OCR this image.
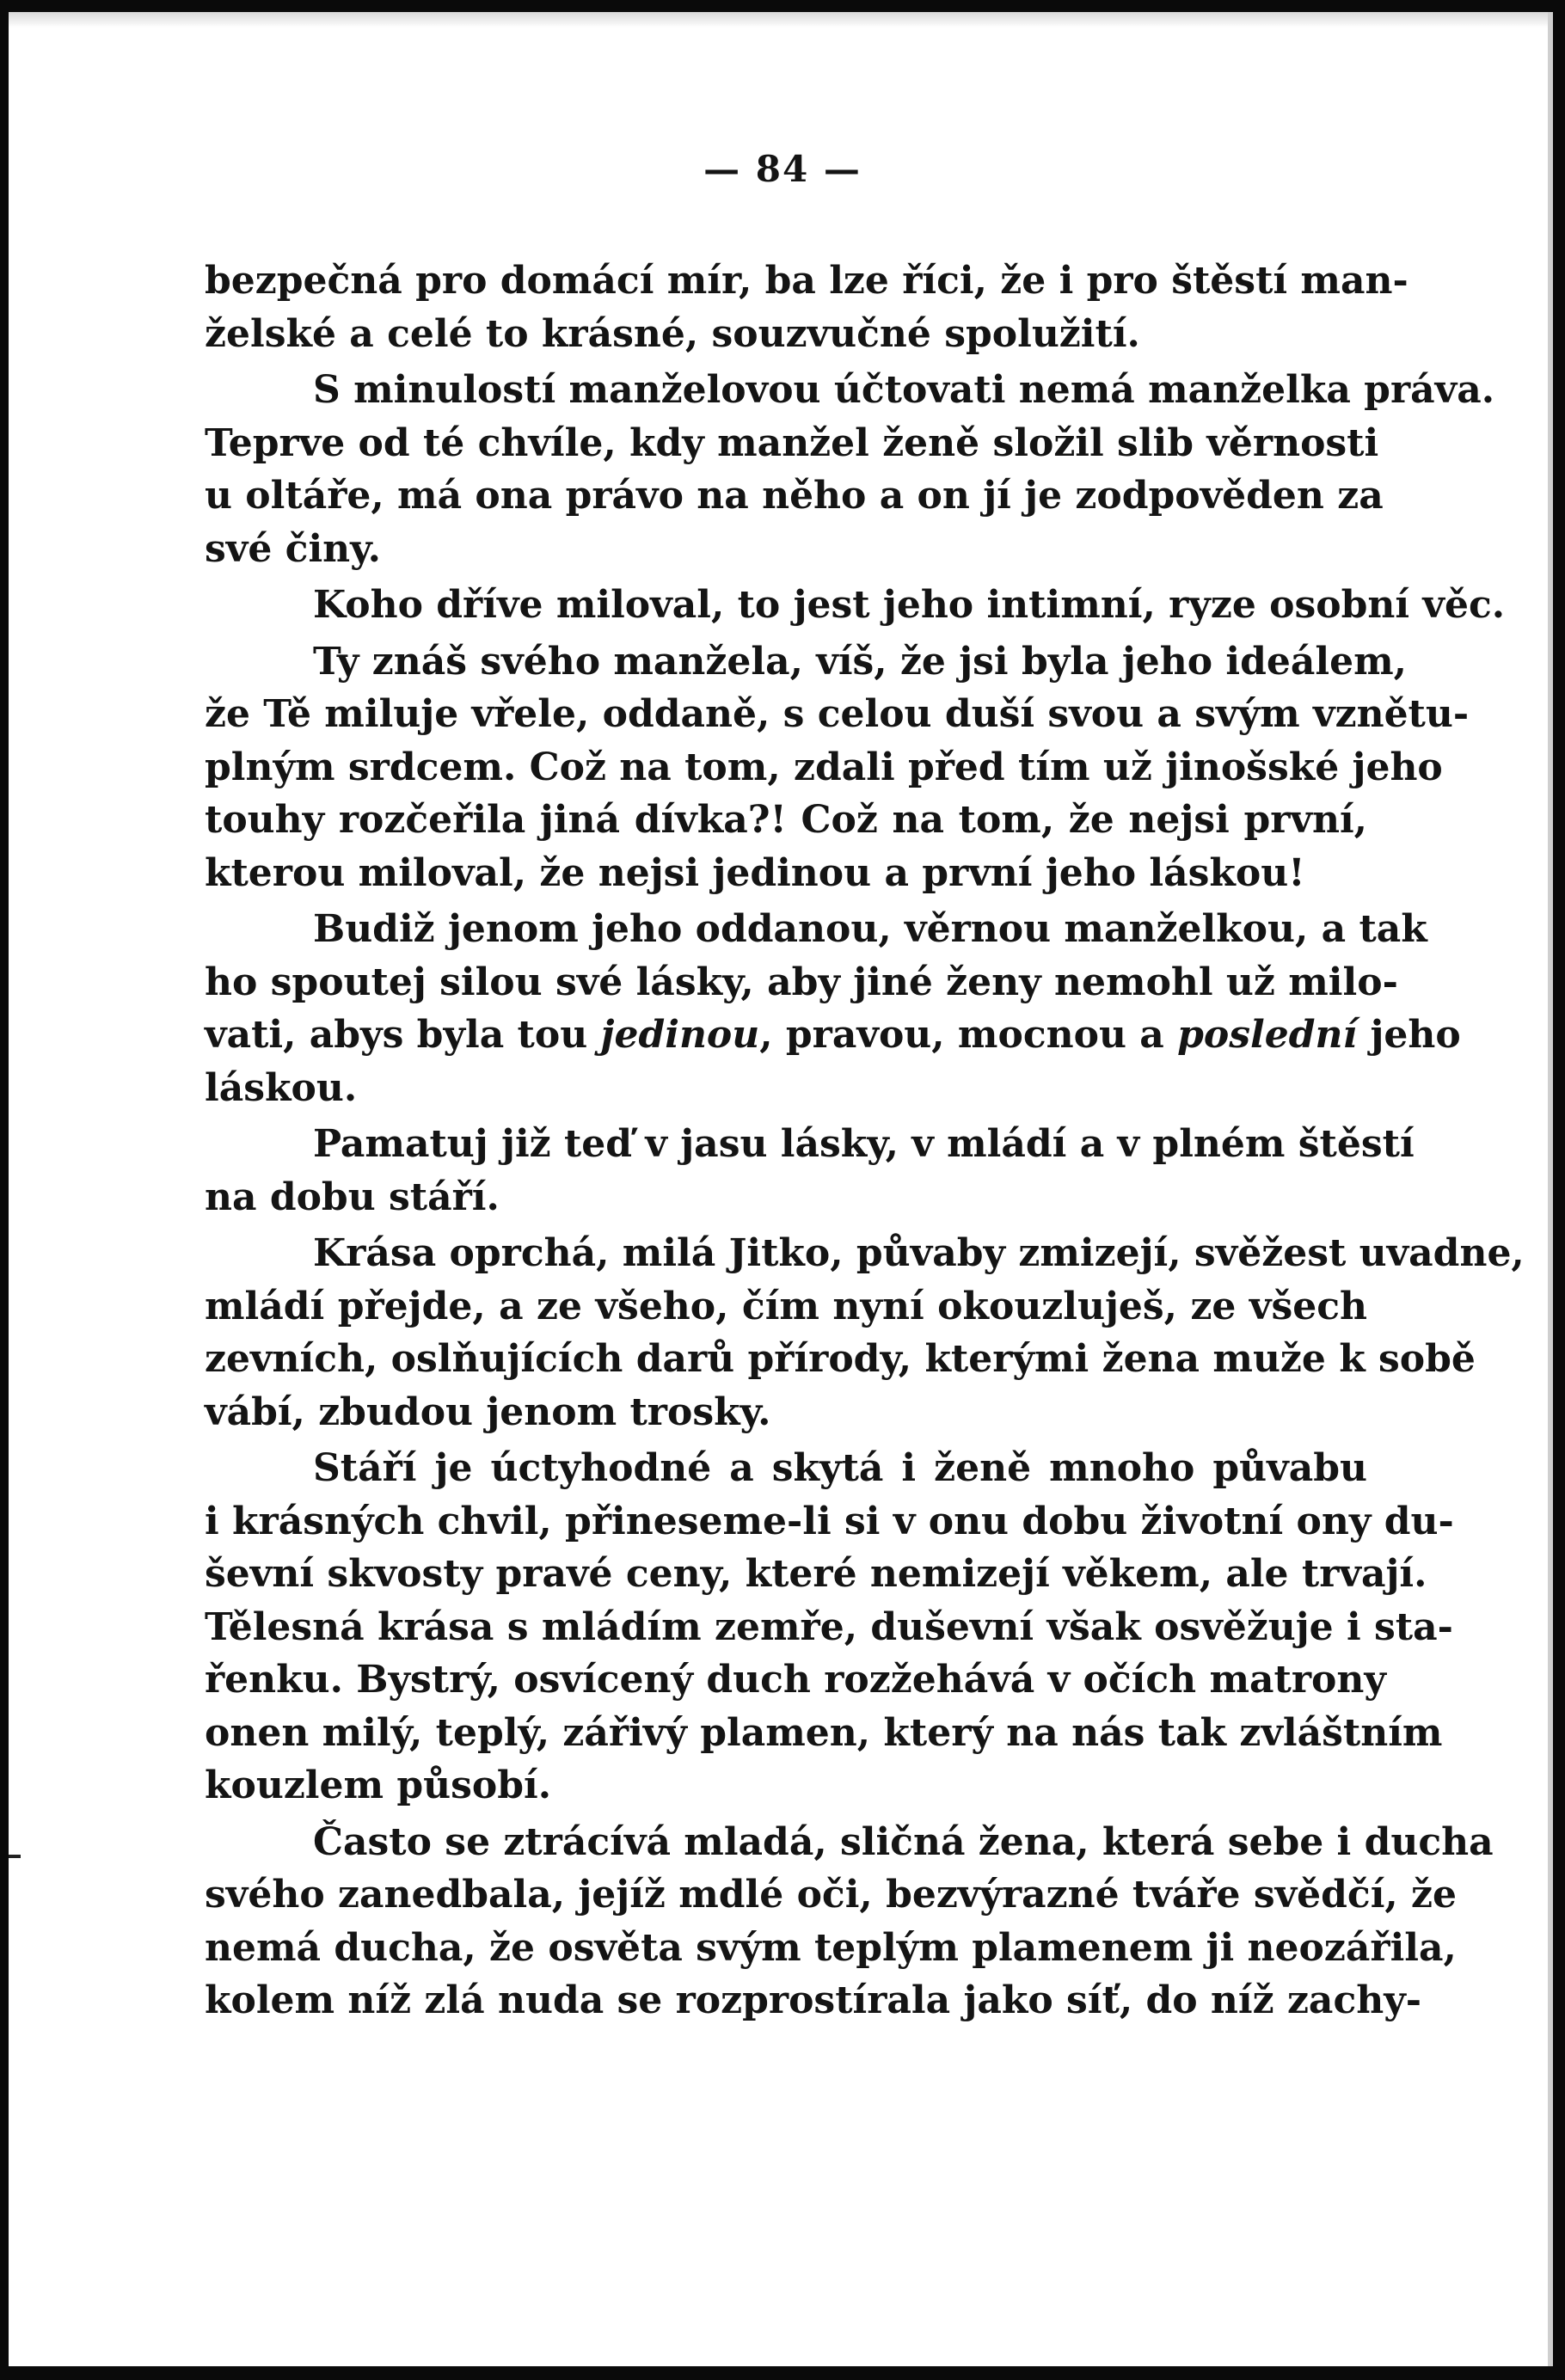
— 84 —
bezpečná pro domácí mír, ba lze říci, že i pro štěstí man-
želské a celé to krásné, souzvučné spolužití.
S minulostí manželovou účtovati nemá manželka práva.
Teprve od té chvíle, kdy manžel ženě složil slib věrnosti
u oltáře, má ona právo na něho a on jí je zodpověden za
své činy.
Koho dříve miloval, to jest jeho intimní, ryze osobní věc.
Ty znáš svého manžela, víš, že jsi byla jeho ideálem,
že Tě miluje vřele, oddaně, s celou duší svou a svým vznětu-
plným srdcem. Což na tom, zdali před tím už jinošské jeho
touhy rozčeřila jiná dívka?! Což na tom, že nejsi první,
kterou miloval, že nejsi jedinou a první jeho láskou!
Budiž jenom jeho oddanou, věrnou manželkou, a tak
ho spoutej silou své lásky, aby jiné ženy nemohl už milo-
vati, abys byla tou jedinou, pravou, mocnou a poslední jeho
láskou.
Pamatuj již teď v jasu lásky, v mládí a v plném štěstí
na dobu stáří.
Krása oprchá, milá Jitko, půvaby zmizejí, svěžest uvadne,
mládí přejde, a ze všeho, čím nyní okouzluješ, ze všech
zevních, oslňujících darů přírody, kterými žena muže k sobě
vábí, zbudou jenom trosky.
Stáří je úctyhodné a skytá i ženě mnoho půvabu
i krásných chvil, přineseme-li si v onu dobu životní ony du-
ševní skvosty pravé ceny, které nemizejí věkem, ale trvají.
Tělesná krása s mládím zemře, duševní však osvěžuje i sta-
řenku. Bystrý, osvícený duch rozžehává v očích matrony
onen milý, teplý, zářivý plamen, který na nás tak zvláštním
kouzlem působí.
Často se ztrácívá mladá, sličná žena, která sebe i ducha
svého zanedbala, jejíž mdlé oči, bezvýrazné tváře svědčí, že
nemá ducha, že osvěta svým teplým plamenem ji neozářila,
kolem níž zlá nuda se rozprostírala jako síť, do níž zachy-
